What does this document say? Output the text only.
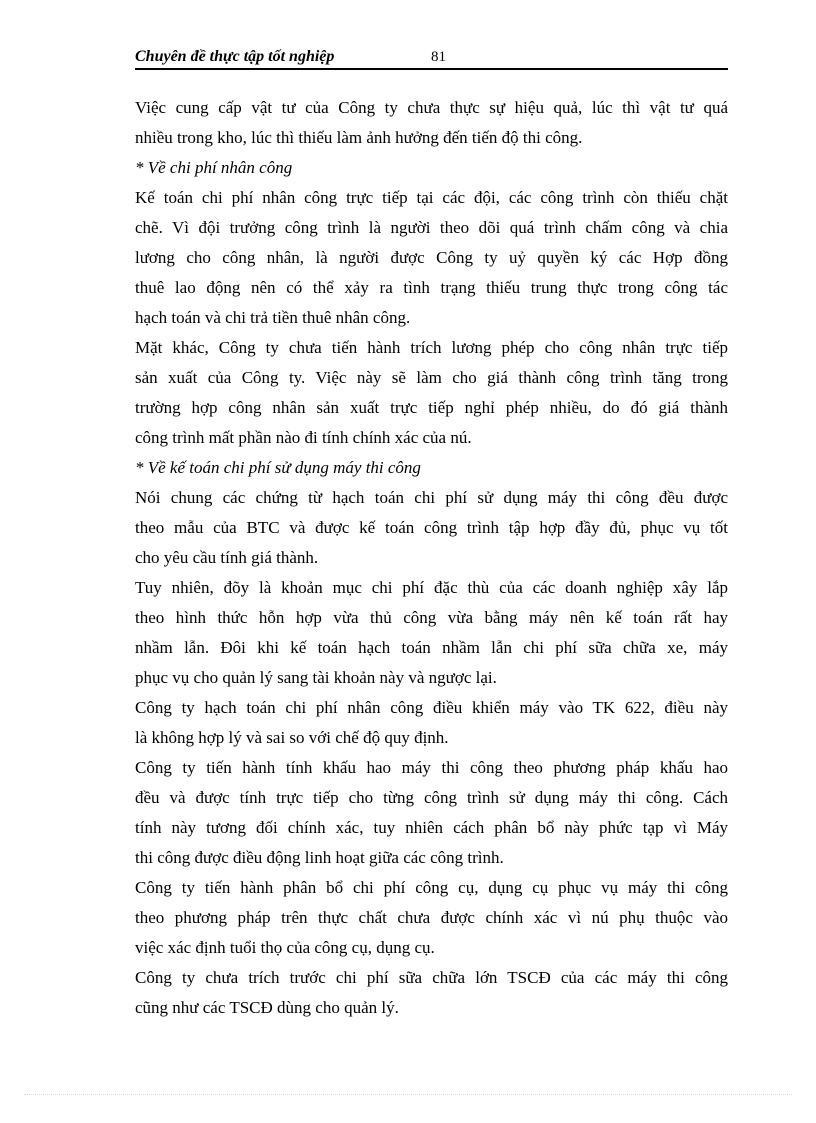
Chuyên đề thực tập tốt nghiệp	81
Việc cung cấp vật tư của Công ty chưa thực sự hiệu quả, lúc thì vật tư quá
nhiều trong kho, lúc thì thiếu làm ảnh hưởng đến tiến độ thi công.
* Về chi phí nhân công
Kế toán chi phí nhân công trực tiếp tại các đội, các công trình còn thiếu chặt
chẽ. Vì đội trưởng công trình là người theo dõi quá trình chấm công và chia
lương cho công nhân, là người được Công ty uỷ quyền ký các Hợp đồng
thuê lao động nên có thể xảy ra tình trạng thiếu trung thực trong công tác
hạch toán và chi trả tiền thuê nhân công.
Mặt khác, Công ty chưa tiến hành trích lương phép cho công nhân trực tiếp
sản xuất của Công ty. Việc này sẽ làm cho giá thành công trình tăng trong
trường hợp công nhân sản xuất trực tiếp nghỉ phép nhiều, do đó giá thành
công trình mất phần nào đi tính chính xác của nú.
* Về kế toán chi phí sử dụng máy thi công
Nói chung các chứng từ hạch toán chi phí sử dụng máy thi công đều được
theo mẫu của BTC và được kế toán công trình tập hợp đầy đủ, phục vụ tốt
cho yêu cầu tính giá thành.
Tuy nhiên, đõy là khoản mục chi phí đặc thù của các doanh nghiệp xây lắp
theo hình thức hỗn hợp vừa thủ công vừa bằng máy nên kế toán rất hay
nhầm lẫn. Đôi khi kế toán hạch toán nhầm lẫn chi phí sữa chữa xe, máy
phục vụ cho quản lý sang tài khoản này và ngược lại.
Công ty hạch toán chi phí nhân công điều khiển máy vào TK 622, điều này
là không hợp lý và sai so với chế độ quy định.
Công ty tiến hành tính khấu hao máy thi công theo phương pháp khấu hao
đều và được tính trực tiếp cho từng công trình sử dụng máy thi công. Cách
tính này tương đối chính xác, tuy nhiên cách phân bổ này phức tạp vì Máy
thi công được điều động linh hoạt giữa các công trình.
Công ty tiến hành phân bổ chi phí công cụ, dụng cụ phục vụ máy thi công
theo phương pháp trên thực chất chưa được chính xác vì nú phụ thuộc vào
việc xác định tuổi thọ của công cụ, dụng cụ.
Công ty chưa trích trước chi phí sữa chữa lớn TSCĐ của các máy thi công
cũng như các TSCĐ dùng cho quản lý.
